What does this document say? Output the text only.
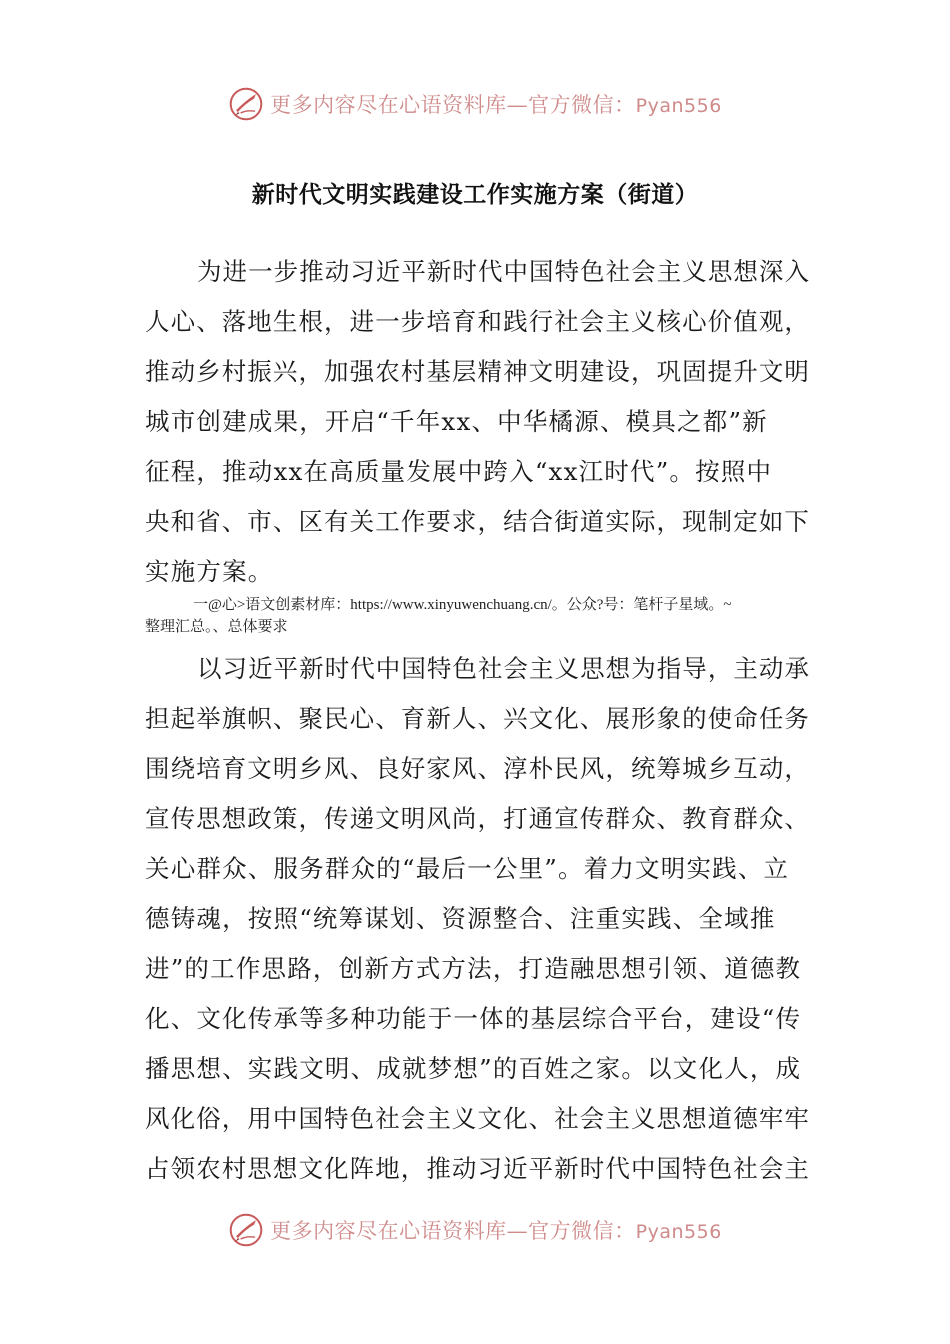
更多内容尽在心语资料库—官方微信：Pyan556
新时代文明实践建设工作实施方案（街道）
为进一步推动习近平新时代中国特色社会主义思想深入
人心、落地生根，进一步培育和践行社会主义核心价值观，
推动乡村振兴，加强农村基层精神文明建设，巩固提升文明
城市创建成果，开启“千年xx、中华橘源、模具之都”新
征程，推动xx在高质量发展中跨入“xx江时代”。按照中
央和省、市、区有关工作要求，结合街道实际，现制定如下
实施方案。
一@心>语文创素材库：https://www.xinyuwenchuang.cn/。公众?号：笔杆子星域。~
整理汇总。、总体要求
以习近平新时代中国特色社会主义思想为指导，主动承
担起举旗帜、聚民心、育新人、兴文化、展形象的使命任务
围绕培育文明乡风、良好家风、淳朴民风，统筹城乡互动，
宣传思想政策，传递文明风尚，打通宣传群众、教育群众、
关心群众、服务群众的“最后一公里”。着力文明实践、立
德铸魂，按照“统筹谋划、资源整合、注重实践、全域推
进”的工作思路，创新方式方法，打造融思想引领、道德教
化、文化传承等多种功能于一体的基层综合平台，建设“传
播思想、实践文明、成就梦想”的百姓之家。以文化人，成
风化俗，用中国特色社会主义文化、社会主义思想道德牢牢
占领农村思想文化阵地，推动习近平新时代中国特色社会主
更多内容尽在心语资料库—官方微信：Pyan556
